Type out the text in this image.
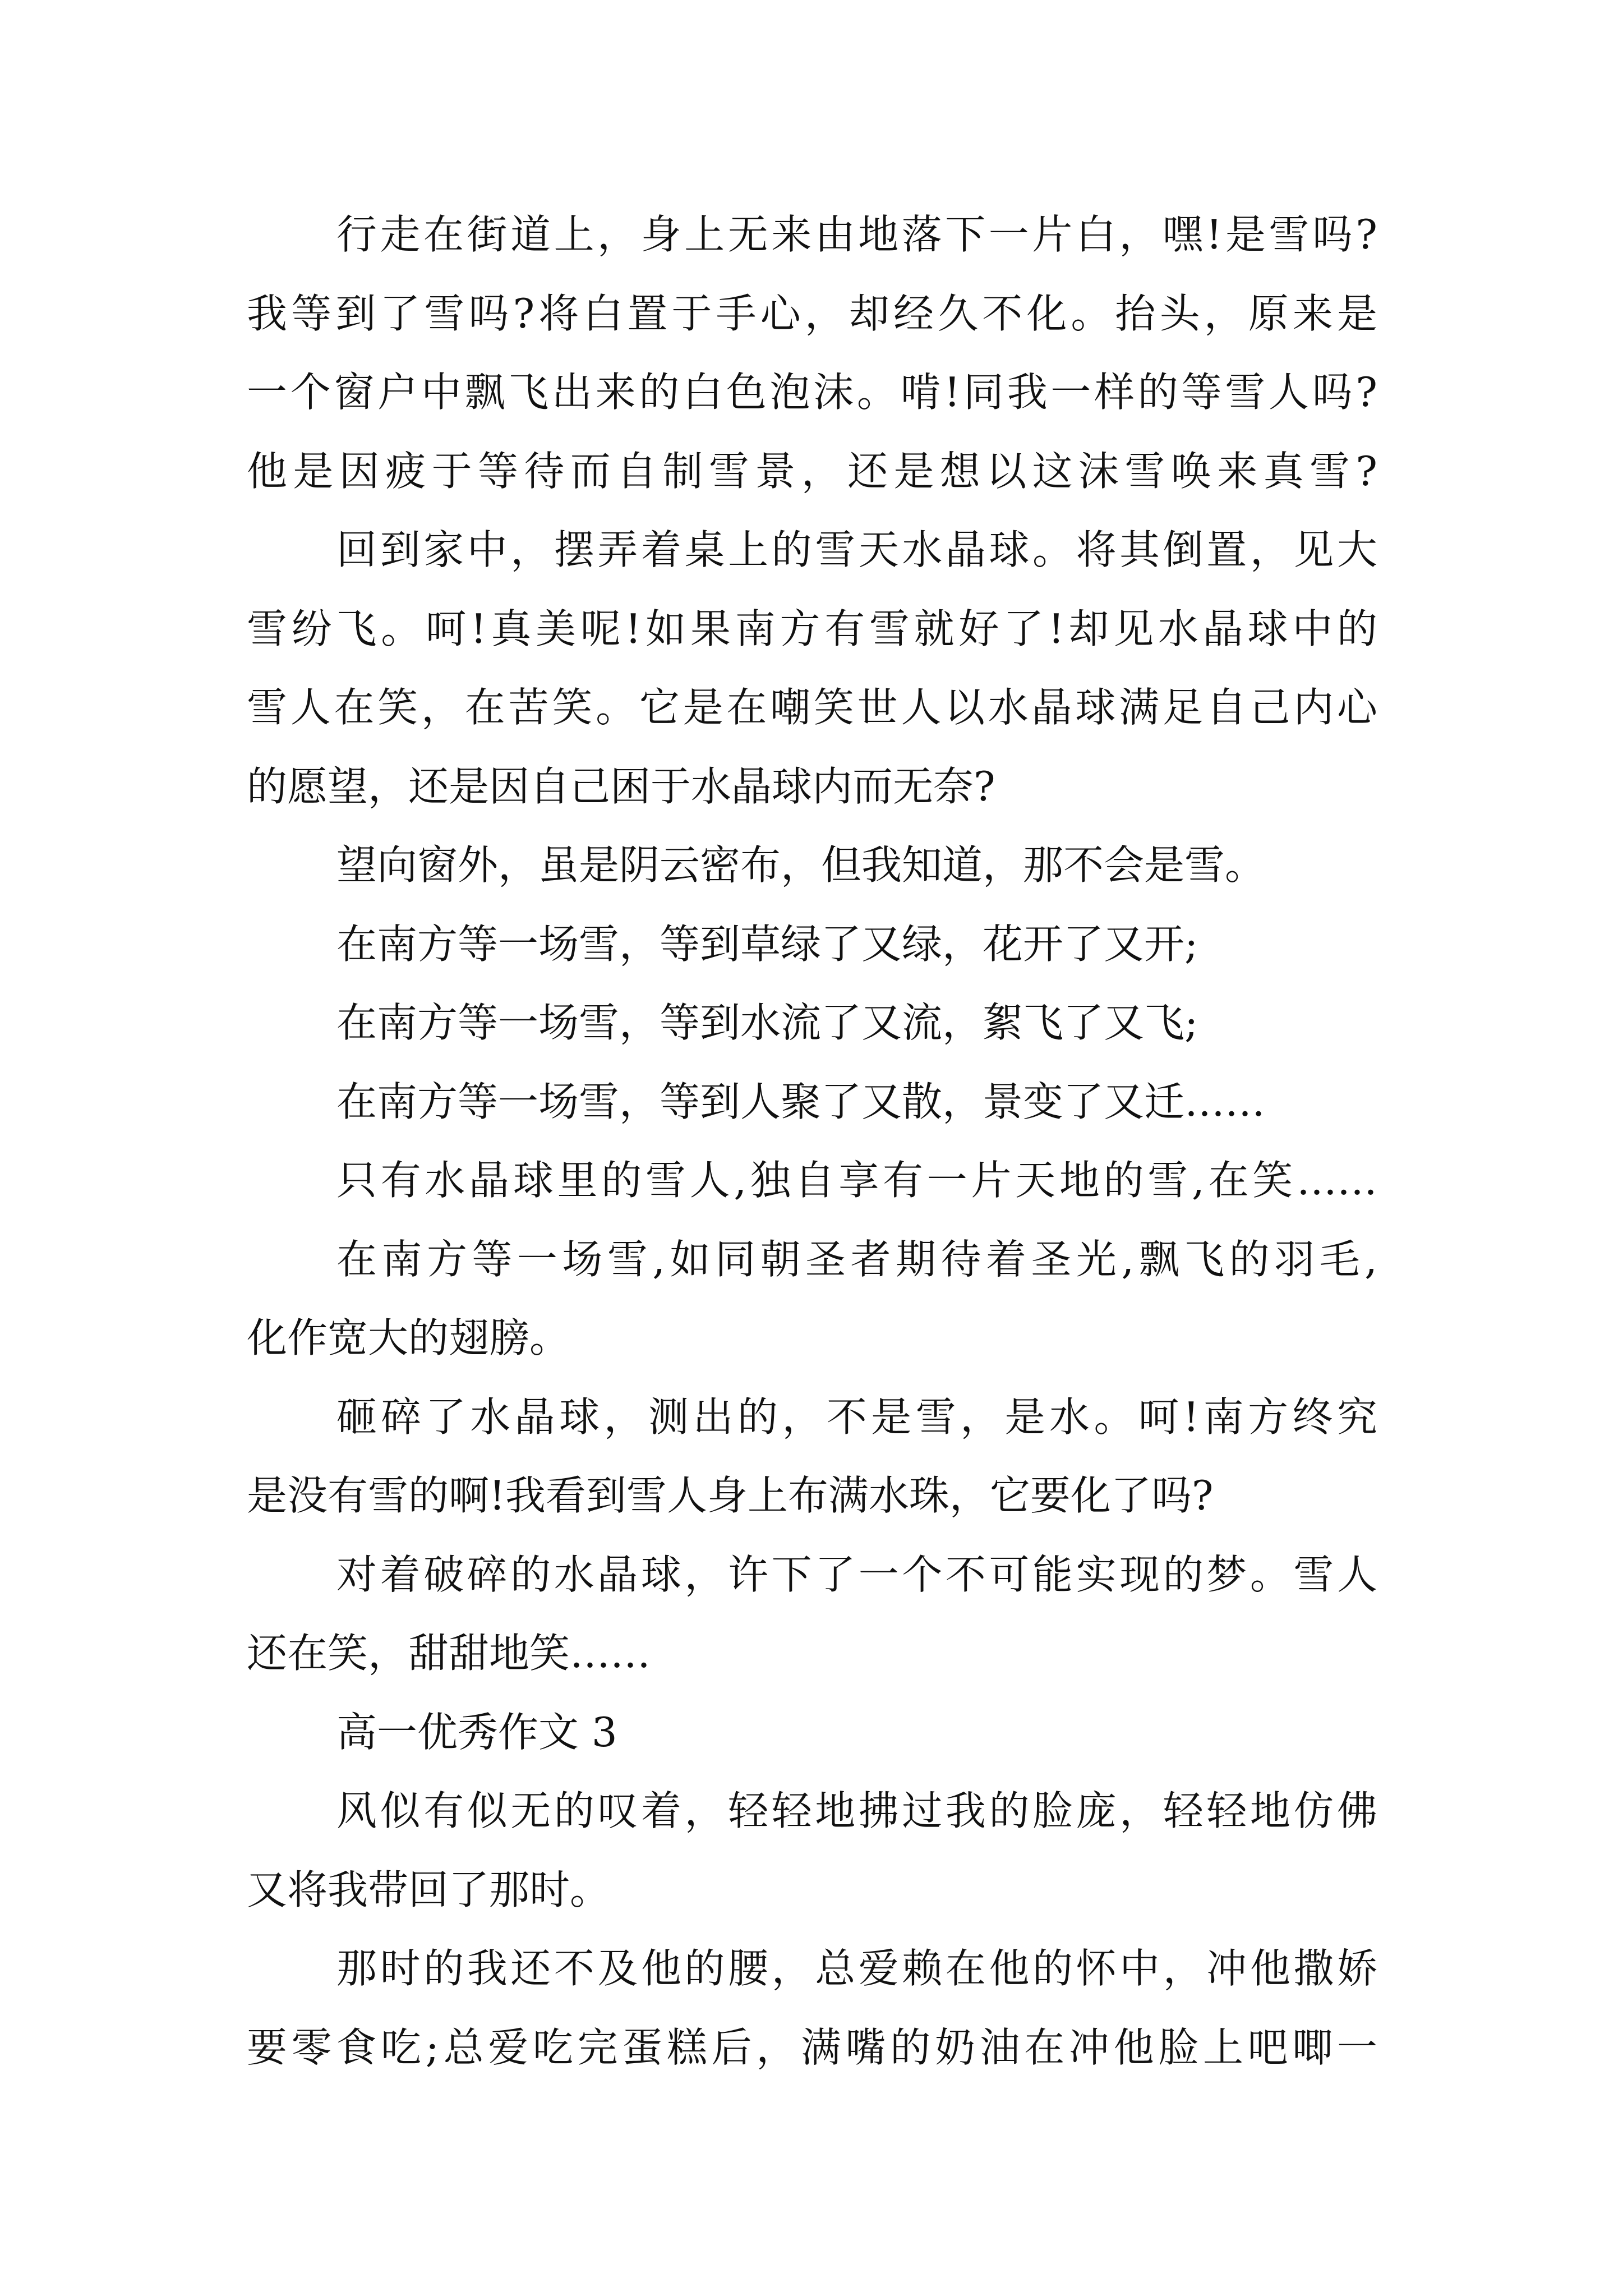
行走在街道上，身上无来由地落下一片白，嘿!是雪吗?
我等到了雪吗?将白置于手心，却经久不化。抬头，原来是
一个窗户中飘飞出来的白色泡沫。啃!同我一样的等雪人吗?
他是因疲于等待而自制雪景，还是想以这沫雪唤来真雪?
回到家中，摆弄着桌上的雪天水晶球。将其倒置，见大
雪纷飞。呵!真美呢!如果南方有雪就好了!却见水晶球中的
雪人在笑，在苦笑。它是在嘲笑世人以水晶球满足自己内心
的愿望，还是因自己困于水晶球内而无奈?
望向窗外，虽是阴云密布，但我知道，那不会是雪。
在南方等一场雪，等到草绿了又绿，花开了又开;
在南方等一场雪，等到水流了又流，絮飞了又飞;
在南方等一场雪，等到人聚了又散，景变了又迁……
只有水晶球里的雪人,独自享有一片天地的雪,在笑……
在南方等一场雪,如同朝圣者期待着圣光,飘飞的羽毛,
化作宽大的翅膀。
砸碎了水晶球，测出的，不是雪，是水。呵!南方终究
是没有雪的啊!我看到雪人身上布满水珠，它要化了吗?
对着破碎的水晶球，许下了一个不可能实现的梦。雪人
还在笑，甜甜地笑……
高一优秀作文 3
风似有似无的叹着，轻轻地拂过我的脸庞，轻轻地仿佛
又将我带回了那时。
那时的我还不及他的腰，总爱赖在他的怀中，冲他撒娇
要零食吃;总爱吃完蛋糕后，满嘴的奶油在冲他脸上吧唧一
